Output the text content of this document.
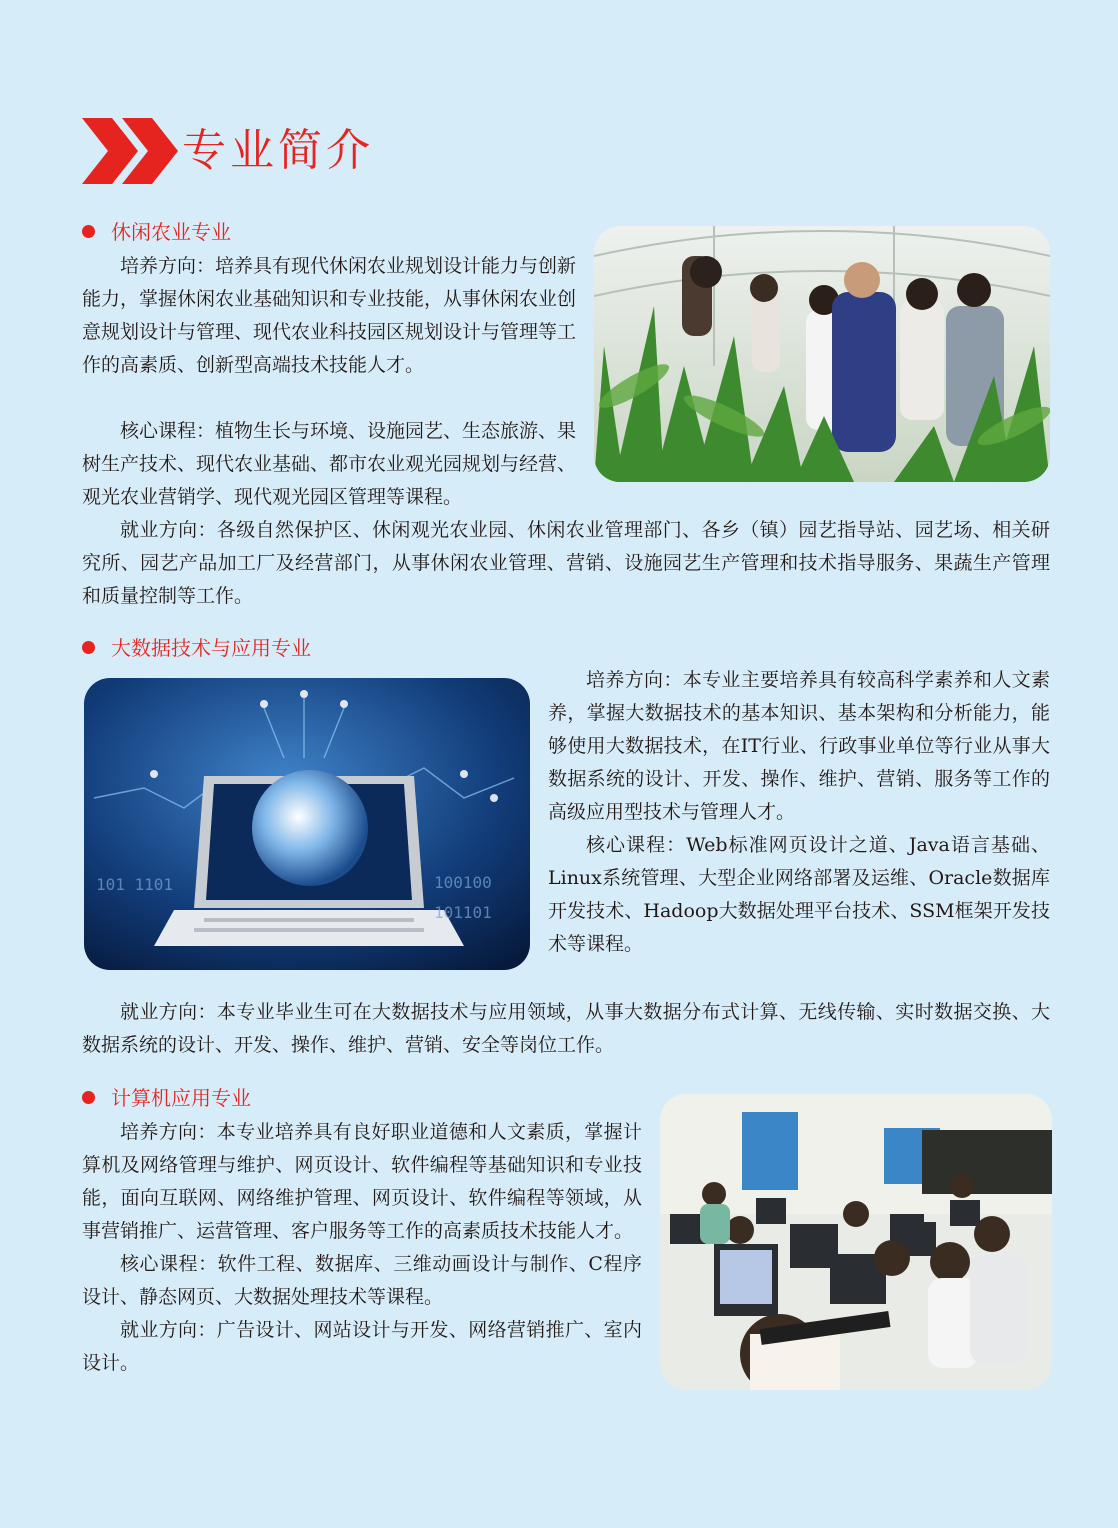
专业简介
休闲农业专业

培养方向：培养具有现代休闲农业规划设计能力与创新能力，掌握休闲农业基础知识和专业技能，从事休闲农业创意规划设计与管理、现代农业科技园区规划设计与管理等工作的高素质、创新型高端技术技能人才。

核心课程：植物生长与环境、设施园艺、生态旅游、果树生产技术、现代农业基础、都市农业观光园规划与经营、观光农业营销学、现代观光园区管理等课程。

就业方向：各级自然保护区、休闲观光农业园、休闲农业管理部门、各乡（镇）园艺指导站、园艺场、相关研究所、园艺产品加工厂及经营部门，从事休闲农业管理、营销、设施园艺生产管理和技术指导服务、果蔬生产管理和质量控制等工作。

大数据技术与应用专业
100100
101101
101 1101

培养方向：本专业主要培养具有较高科学素养和人文素养，掌握大数据技术的基本知识、基本架构和分析能力，能够使用大数据技术，在IT行业、行政事业单位等行业从事大数据系统的设计、开发、操作、维护、营销、服务等工作的高级应用型技术与管理人才。

核心课程：Web标准网页设计之道、Java语言基础、Linux系统管理、大型企业网络部署及运维、Oracle数据库开发技术、Hadoop大数据处理平台技术、SSM框架开发技术等课程。

就业方向：本专业毕业生可在大数据技术与应用领域，从事大数据分布式计算、无线传输、实时数据交换、大数据系统的设计、开发、操作、维护、营销、安全等岗位工作。

计算机应用专业

培养方向：本专业培养具有良好职业道德和人文素质，掌握计算机及网络管理与维护、网页设计、软件编程等基础知识和专业技能，面向互联网、网络维护管理、网页设计、软件编程等领域，从事营销推广、运营管理、客户服务等工作的高素质技术技能人才。

核心课程：软件工程、数据库、三维动画设计与制作、C程序设计、静态网页、大数据处理技术等课程。

就业方向：广告设计、网站设计与开发、网络营销推广、室内设计。
